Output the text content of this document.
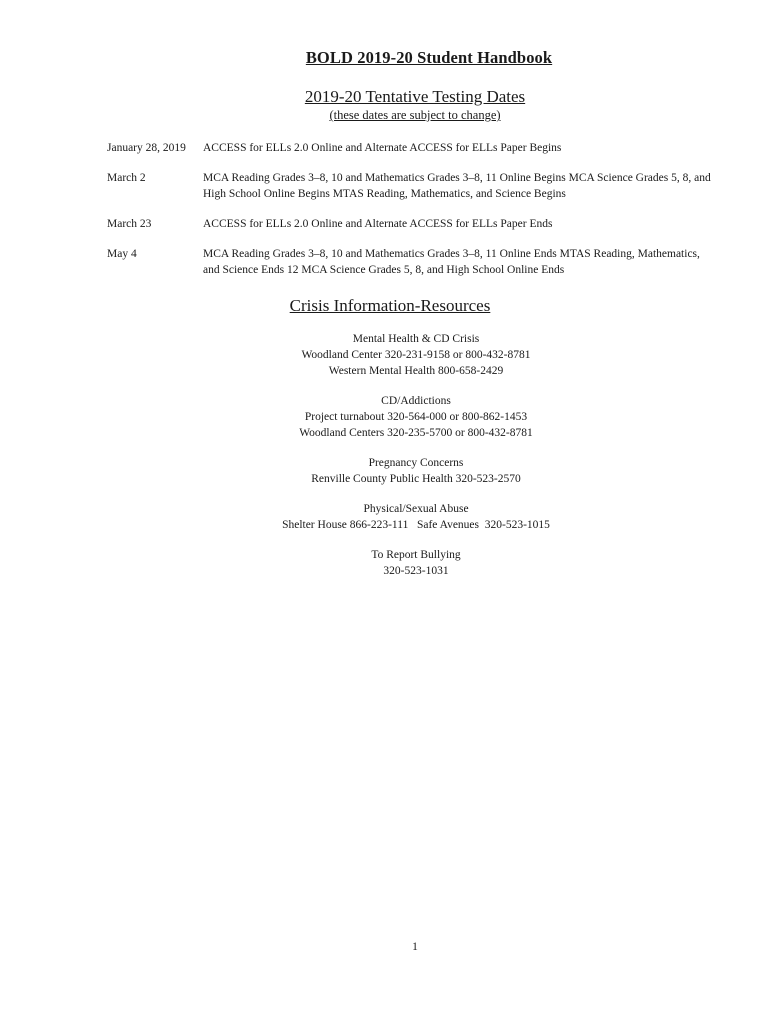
BOLD 2019-20 Student Handbook
2019-20 Tentative Testing Dates
(these dates are subject to change)
January 28, 2019	ACCESS for ELLs 2.0 Online and Alternate ACCESS for ELLs Paper Begins
March 2	MCA Reading Grades 3–8, 10 and Mathematics Grades 3–8, 11 Online Begins MCA Science Grades 5, 8, and High School Online Begins MTAS Reading, Mathematics, and Science Begins
March 23	ACCESS for ELLs 2.0 Online and Alternate ACCESS for ELLs Paper Ends
May 4	MCA Reading Grades 3–8, 10 and Mathematics Grades 3–8, 11 Online Ends MTAS Reading, Mathematics, and Science Ends 12 MCA Science Grades 5, 8, and High School Online Ends
Crisis Information-Resources
Mental Health & CD Crisis
Woodland Center 320-231-9158 or 800-432-8781
Western Mental Health 800-658-2429
CD/Addictions
Project turnabout 320-564-000 or 800-862-1453
Woodland Centers 320-235-5700 or 800-432-8781
Pregnancy Concerns
Renville County Public Health 320-523-2570
Physical/Sexual Abuse
Shelter House 866-223-111   Safe Avenues  320-523-1015
To Report Bullying
320-523-1031
1
